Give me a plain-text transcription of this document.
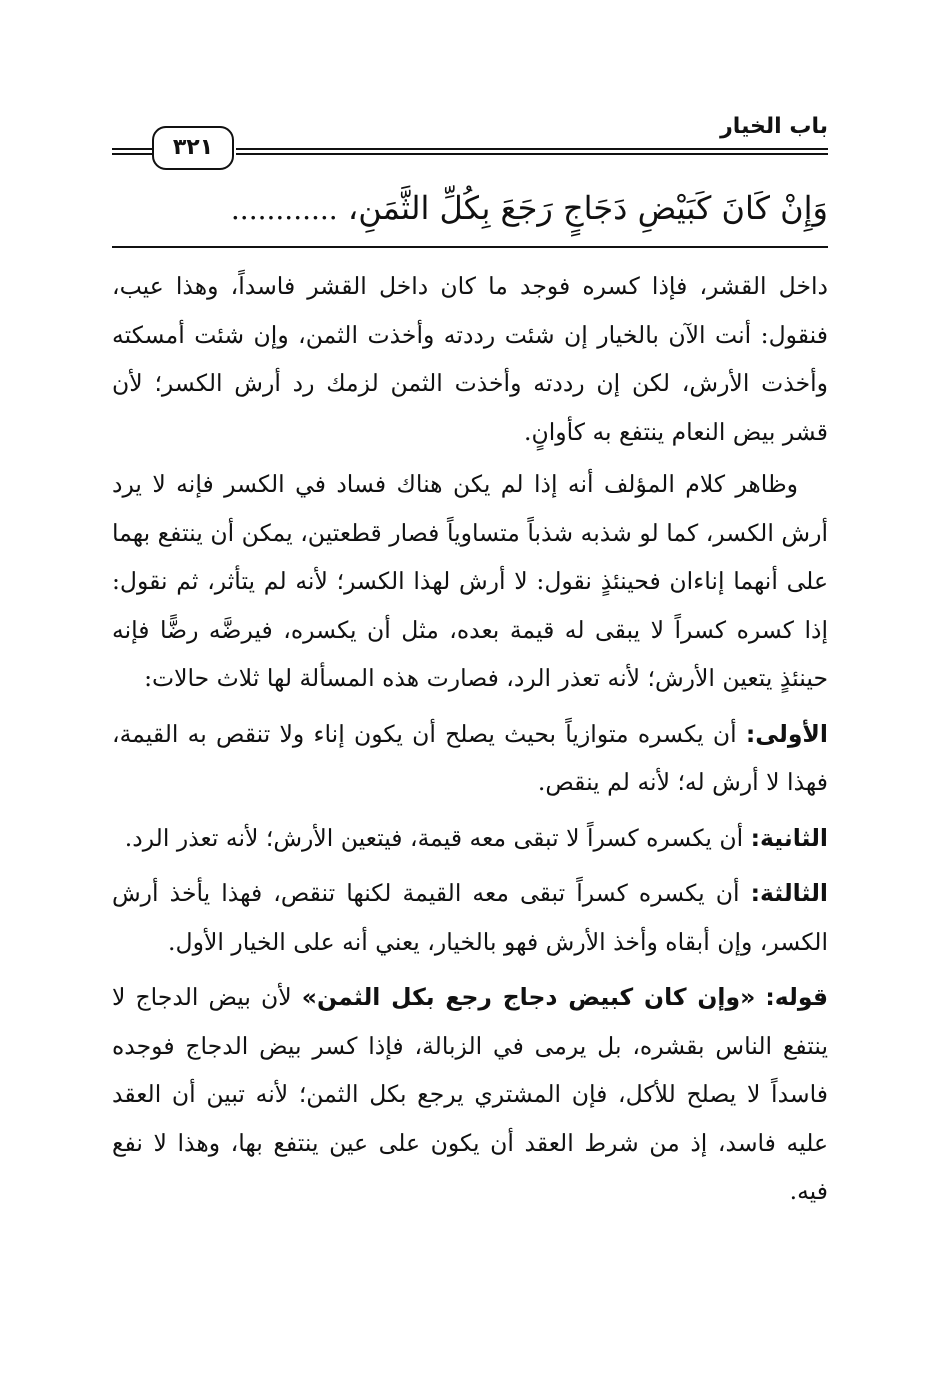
باب الخيار
٣٢١
وَإِنْ كَانَ كَبَيْضِ دَجَاجٍ رَجَعَ بِكُلِّ الثَّمَنِ، ............

داخل القشر، فإذا كسره فوجد ما كان داخل القشر فاسداً، وهذا عيب، فنقول: أنت الآن بالخيار إن شئت رددته وأخذت الثمن، وإن شئت أمسكته وأخذت الأرش، لكن إن رددته وأخذت الثمن لزمك رد أرش الكسر؛ لأن قشر بيض النعام ينتفع به كأوانٍ.

وظاهر كلام المؤلف أنه إذا لم يكن هناك فساد في الكسر فإنه لا يرد أرش الكسر، كما لو شذبه شذباً متساوياً فصار قطعتين، يمكن أن ينتفع بهما على أنهما إناءان فحينئذٍ نقول: لا أرش لهذا الكسر؛ لأنه لم يتأثر، ثم نقول: إذا كسره كسراً لا يبقى له قيمة بعده، مثل أن يكسره، فيرضَّه رضًّا فإنه حينئذٍ يتعين الأرش؛ لأنه تعذر الرد، فصارت هذه المسألة لها ثلاث حالات:

الأولى: أن يكسره متوازياً بحيث يصلح أن يكون إناء ولا تنقص به القيمة، فهذا لا أرش له؛ لأنه لم ينقص.

الثانية: أن يكسره كسراً لا تبقى معه قيمة، فيتعين الأرش؛ لأنه تعذر الرد.

الثالثة: أن يكسره كسراً تبقى معه القيمة لكنها تنقص، فهذا يأخذ أرش الكسر، وإن أبقاه وأخذ الأرش فهو بالخيار، يعني أنه على الخيار الأول.

قوله: «وإن كان كبيض دجاج رجع بكل الثمن» لأن بيض الدجاج لا ينتفع الناس بقشره، بل يرمى في الزبالة، فإذا كسر بيض الدجاج فوجده فاسداً لا يصلح للأكل، فإن المشتري يرجع بكل الثمن؛ لأنه تبين أن العقد عليه فاسد، إذ من شرط العقد أن يكون على عين ينتفع بها، وهذا لا نفع فيه.
